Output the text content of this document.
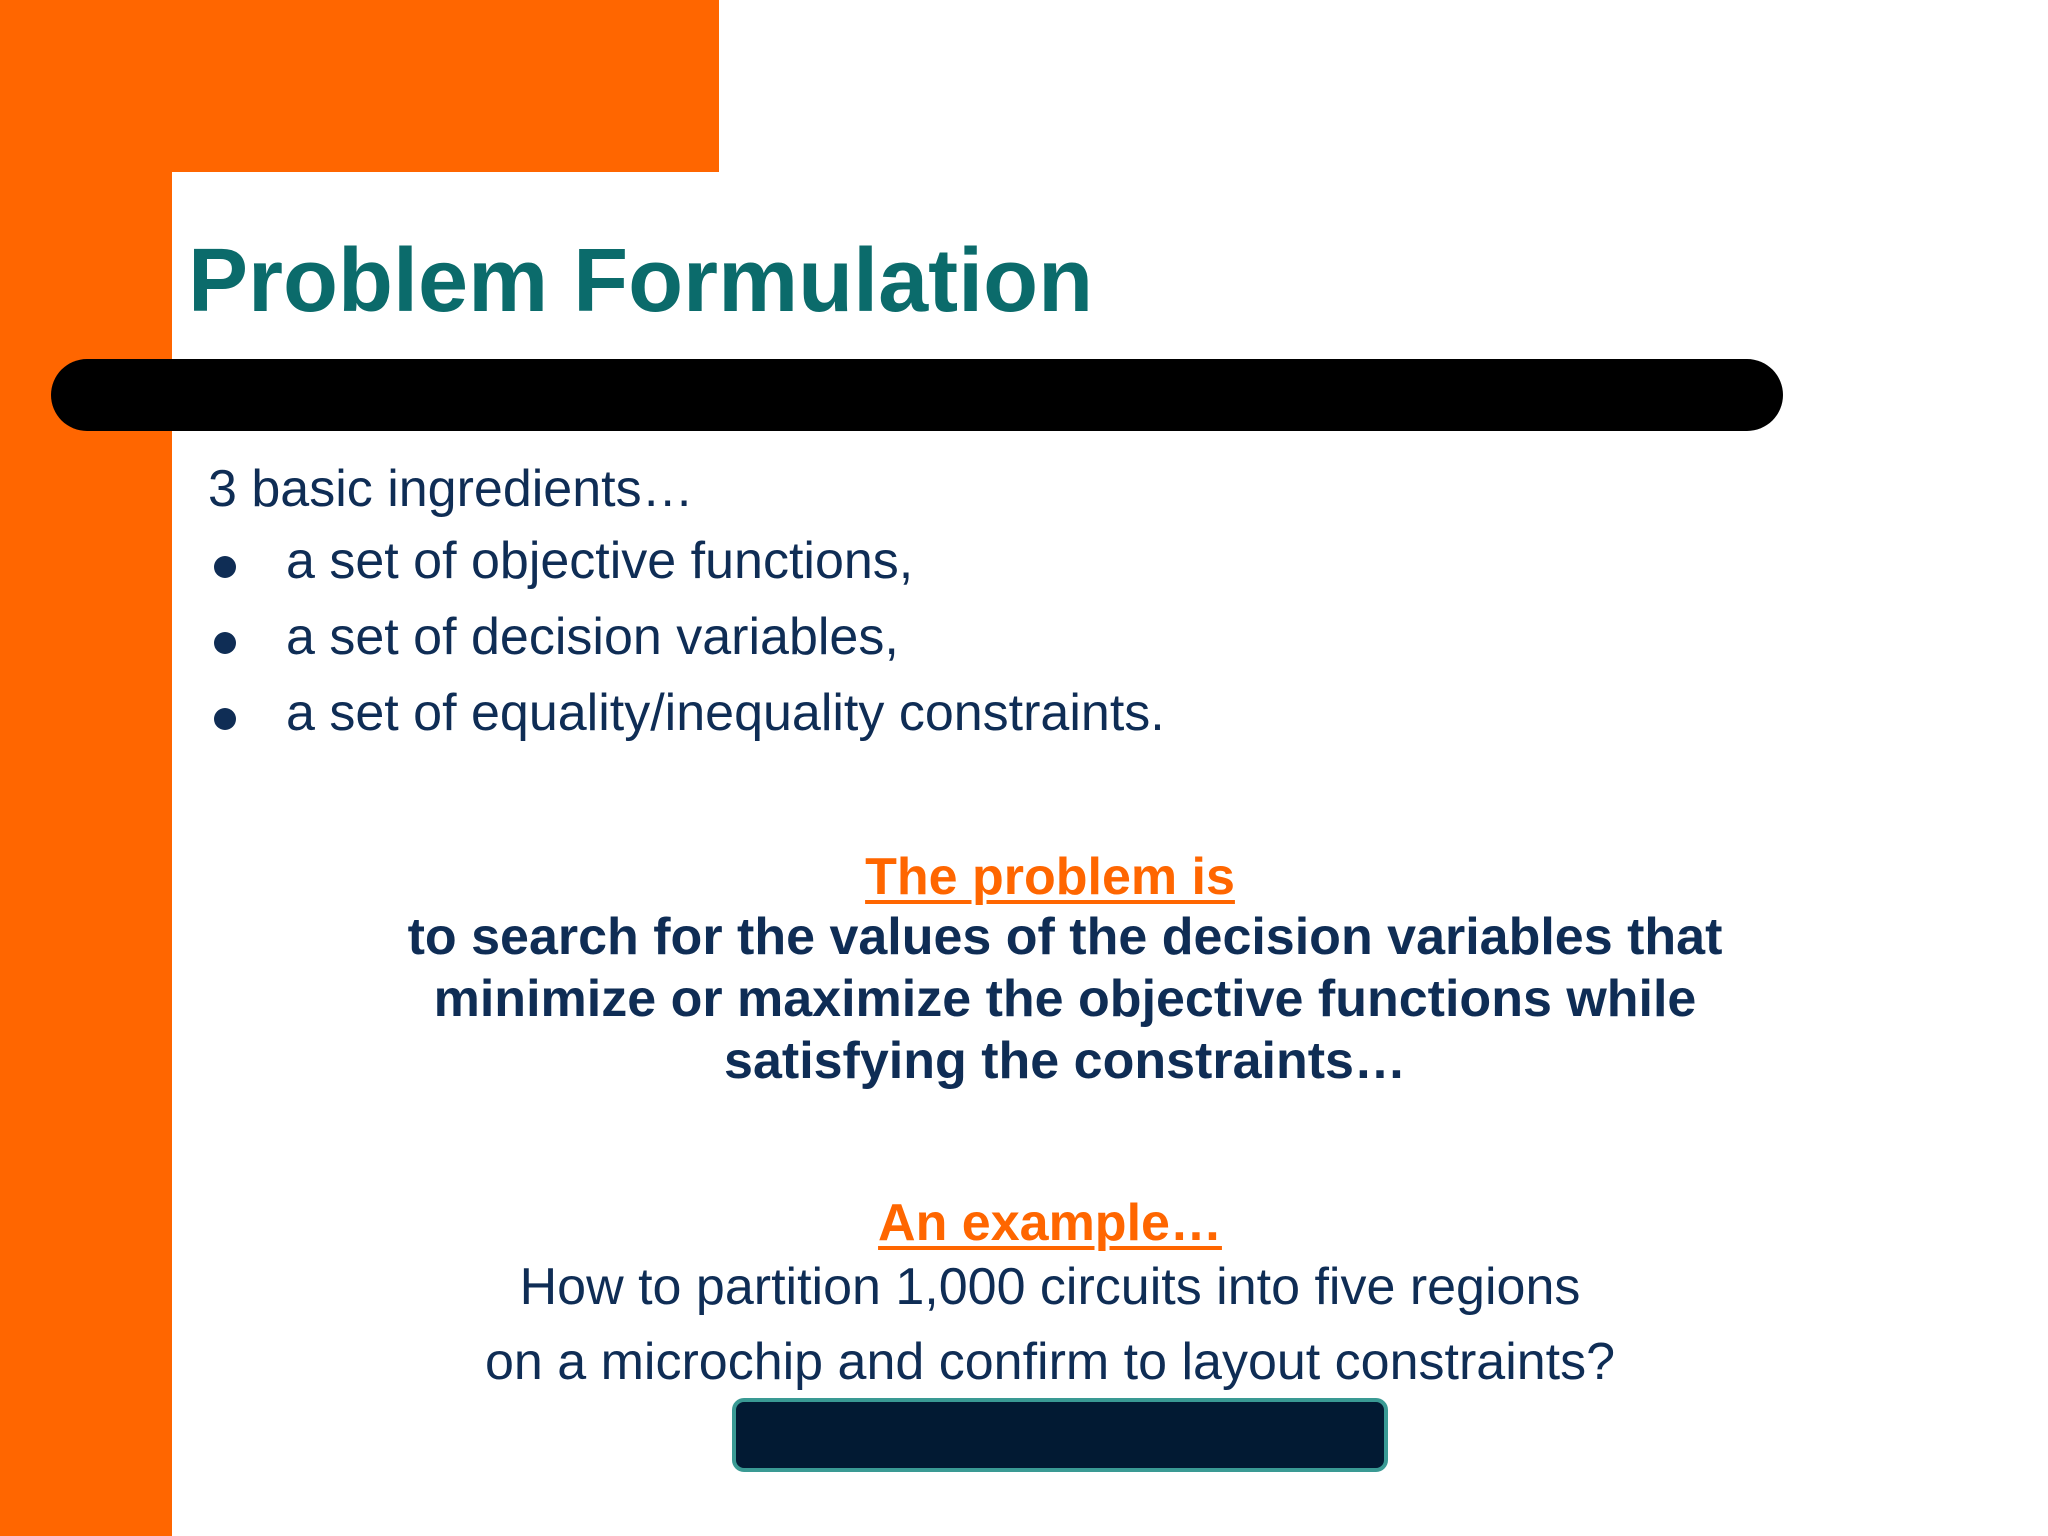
Problem Formulation
3 basic ingredients…
a set of objective functions,
a set of decision variables,
a set of equality/inequality constraints.
The problem is
to search for the values of the decision variables that
minimize or maximize the objective functions while
satisfying the constraints…
An example…
How to partition 1,000 circuits into five regions
on a microchip and confirm to layout constraints?
